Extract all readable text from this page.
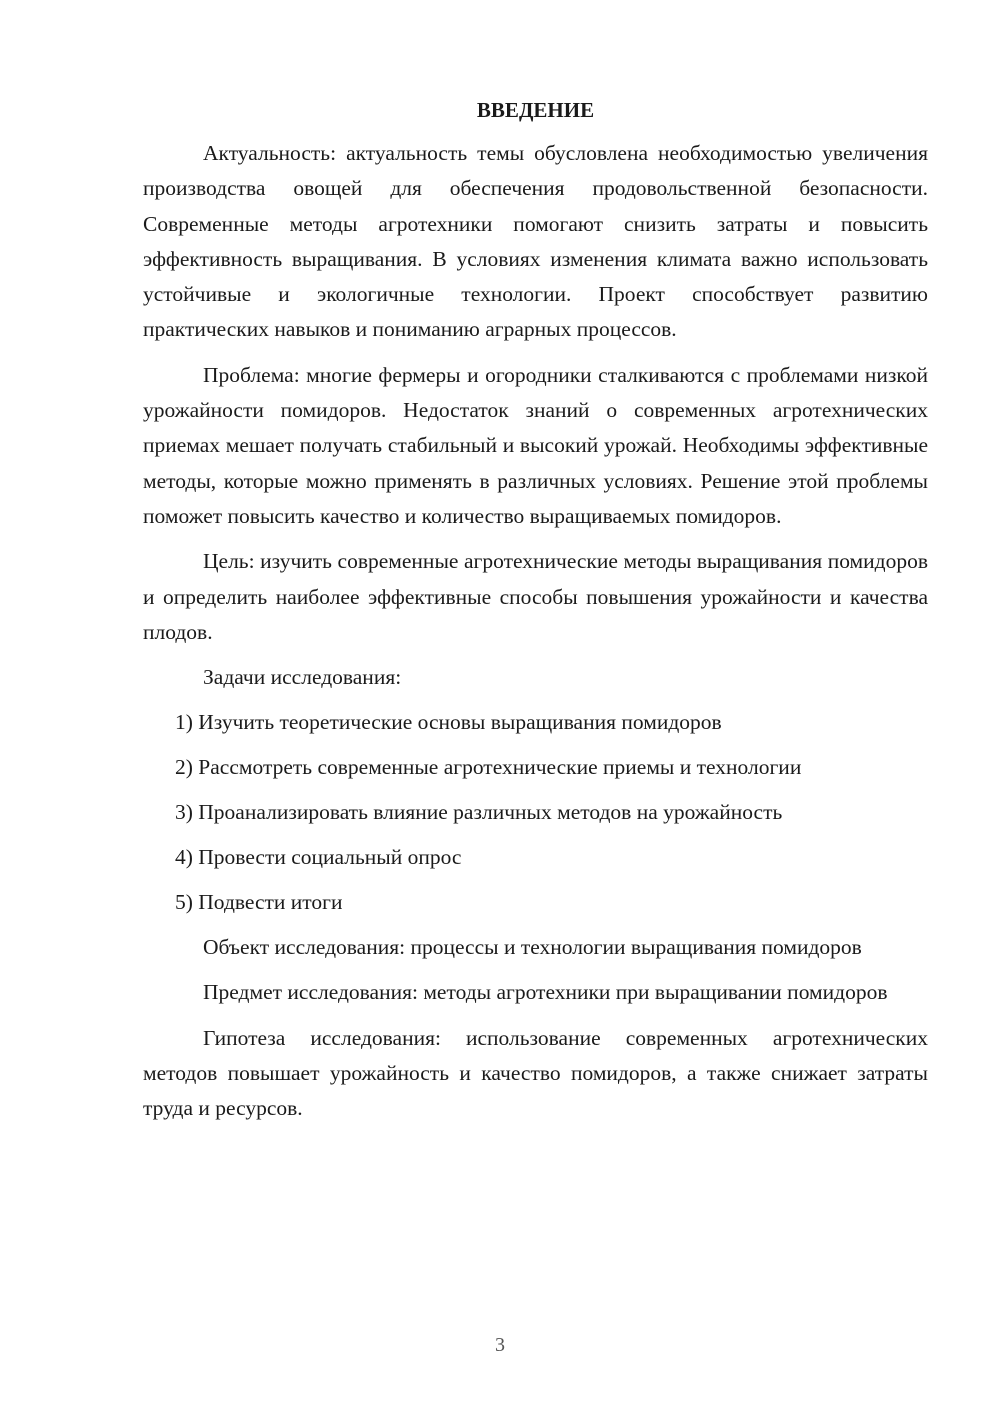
ВВЕДЕНИЕ

Актуальность: актуальность темы обусловлена необходимостью увеличения производства овощей для обеспечения продовольственной безопасности. Современные методы агротехники помогают снизить затраты и повысить эффективность выращивания. В условиях изменения климата важно использовать устойчивые и экологичные технологии. Проект способствует развитию практических навыков и пониманию аграрных процессов.

Проблема: многие фермеры и огородники сталкиваются с проблемами низкой урожайности помидоров. Недостаток знаний о современных агротехнических приемах мешает получать стабильный и высокий урожай. Необходимы эффективные методы, которые можно применять в различных условиях. Решение этой проблемы поможет повысить качество и количество выращиваемых помидоров.

Цель: изучить современные агротехнические методы выращивания помидоров и определить наиболее эффективные способы повышения урожайности и качества плодов.

Задачи исследования:

1) Изучить теоретические основы выращивания помидоров
2) Рассмотреть современные агротехнические приемы и технологии
3) Проанализировать влияние различных методов на урожайность
4) Провести социальный опрос
5) Подвести итоги

Объект исследования: процессы и технологии выращивания помидоров

Предмет исследования: методы агротехники при выращивании помидоров

Гипотеза исследования: использование современных агротехнических методов повышает урожайность и качество помидоров, а также снижает затраты труда и ресурсов.

3
